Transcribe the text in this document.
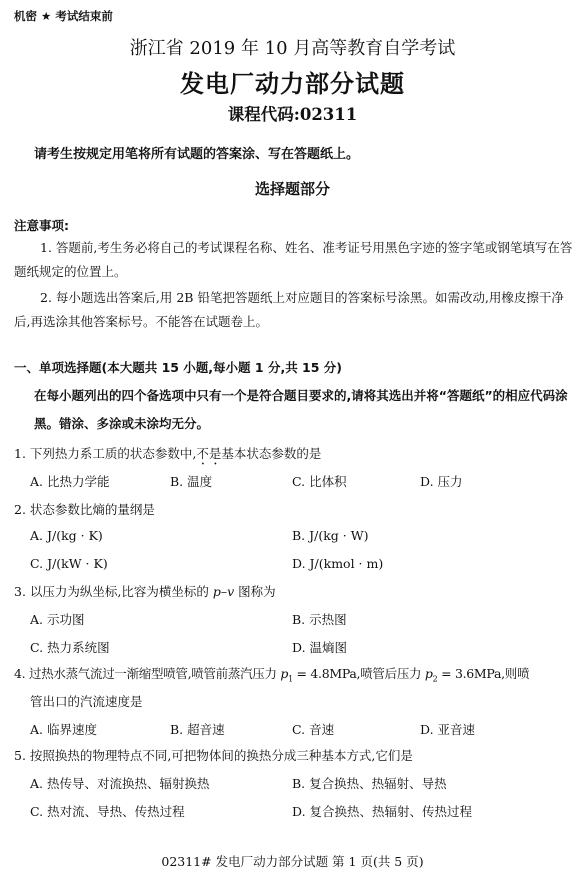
机密 ★ 考试结束前
浙江省 2019 年 10 月高等教育自学考试
发电厂动力部分试题
课程代码:02311
请考生按规定用笔将所有试题的答案涂、写在答题纸上。
选择题部分
注意事项:
1. 答题前,考生务必将自己的考试课程名称、姓名、准考证号用黑色字迹的签字笔或钢笔填写在答题纸规定的位置上。
2. 每小题选出答案后,用 2B 铅笔把答题纸上对应题目的答案标号涂黑。如需改动,用橡皮擦干净后,再选涂其他答案标号。不能答在试题卷上。
一、单项选择题(本大题共 15 小题,每小题 1 分,共 15 分)
在每小题列出的四个备选项中只有一个是符合题目要求的,请将其选出并将“答题纸”的相应代码涂黑。错涂、多涂或未涂均无分。
1. 下列热力系工质的状态参数中,不是基本状态参数的是
A. 比热力学能	B. 温度	C. 比体积	D. 压力
2. 状态参数比熵的量纲是
A. J/(kg · K)	B. J/(kg · W)
C. J/(kW · K)	D. J/(kmol · m)
3. 以压力为纵坐标,比容为横坐标的 p–v 图称为
A. 示功图	B. 示热图
C. 热力系统图	D. 温熵图
4. 过热水蒸气流过一渐缩型喷管,喷管前蒸汽压力 $p_1 = 4.8MPa$,喷管后压力 $p_2 = 3.6MPa$,则喷
管出口的汽流速度是
A. 临界速度	B. 超音速	C. 音速	D. 亚音速
5. 按照换热的物理特点不同,可把物体间的换热分成三种基本方式,它们是
A. 热传导、对流换热、辐射换热	B. 复合换热、热辐射、导热
C. 热对流、导热、传热过程	D. 复合换热、热辐射、传热过程
02311# 发电厂动力部分试题 第 1 页(共 5 页)
